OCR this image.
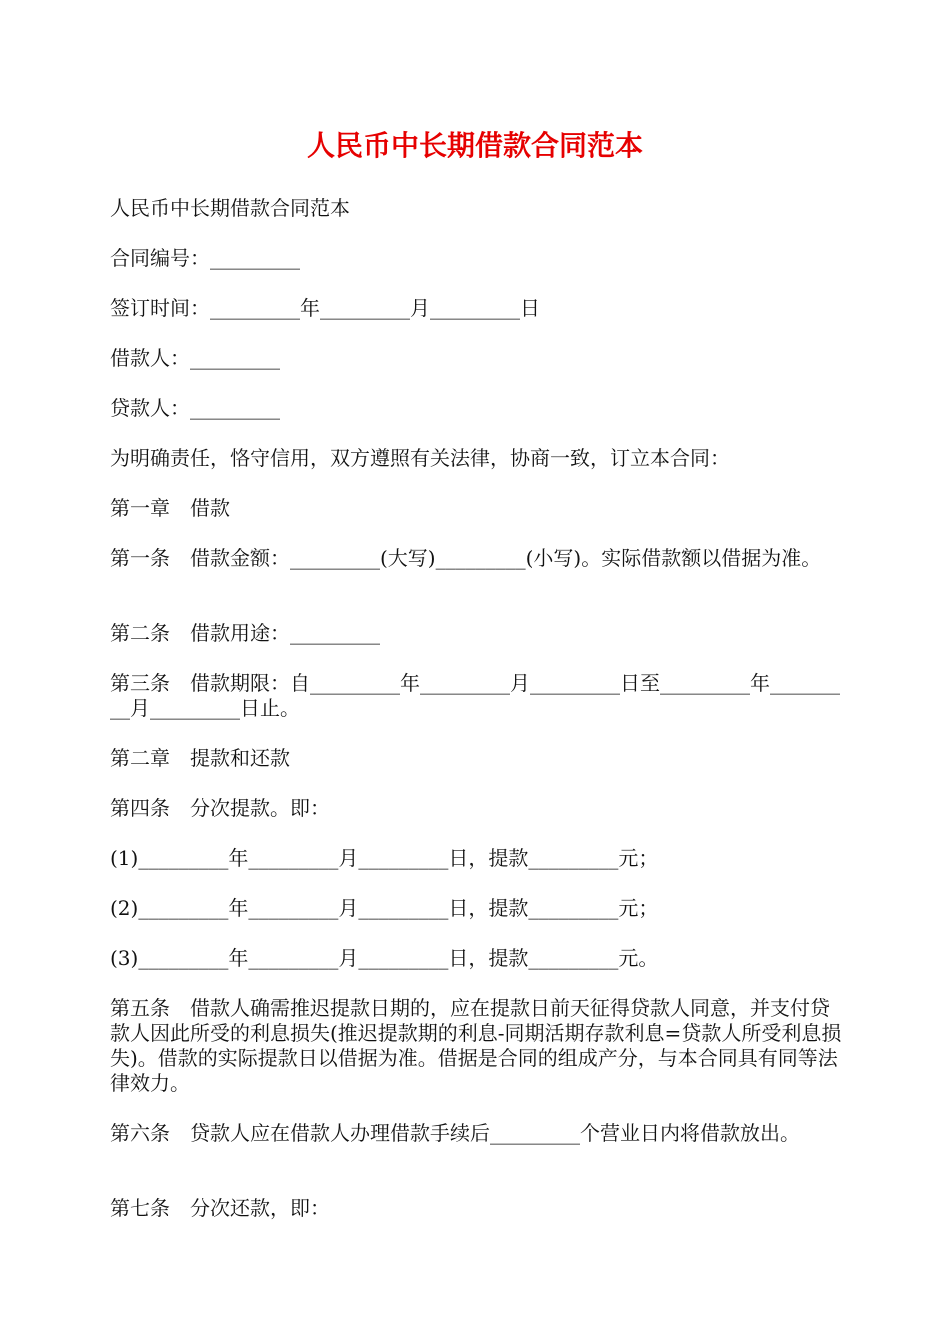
人民币中长期借款合同范本

人民币中长期借款合同范本

合同编号：_________

签订时间：_________年_________月_________日

借款人：_________

贷款人：_________

为明确责任，恪守信用，双方遵照有关法律，协商一致，订立本合同：

第一章　借款

第一条　借款金额：_________(大写)_________(小写)。实际借款额以借据为准。

第二条　借款用途：_________

第三条　借款期限：自_________年_________月_________日至_________年_________月_________日止。

第二章　提款和还款

第四条　分次提款。即：

(1)_________年_________月_________日，提款_________元；

(2)_________年_________月_________日，提款_________元；

(3)_________年_________月_________日，提款_________元。

第五条　借款人确需推迟提款日期的，应在提款日前天征得贷款人同意，并支付贷款人因此所受的利息损失(推迟提款期的利息-同期活期存款利息=贷款人所受利息损失)。借款的实际提款日以借据为准。借据是合同的组成产分，与本合同具有同等法律效力。

第六条　贷款人应在借款人办理借款手续后_________个营业日内将借款放出。

第七条　分次还款，即：
